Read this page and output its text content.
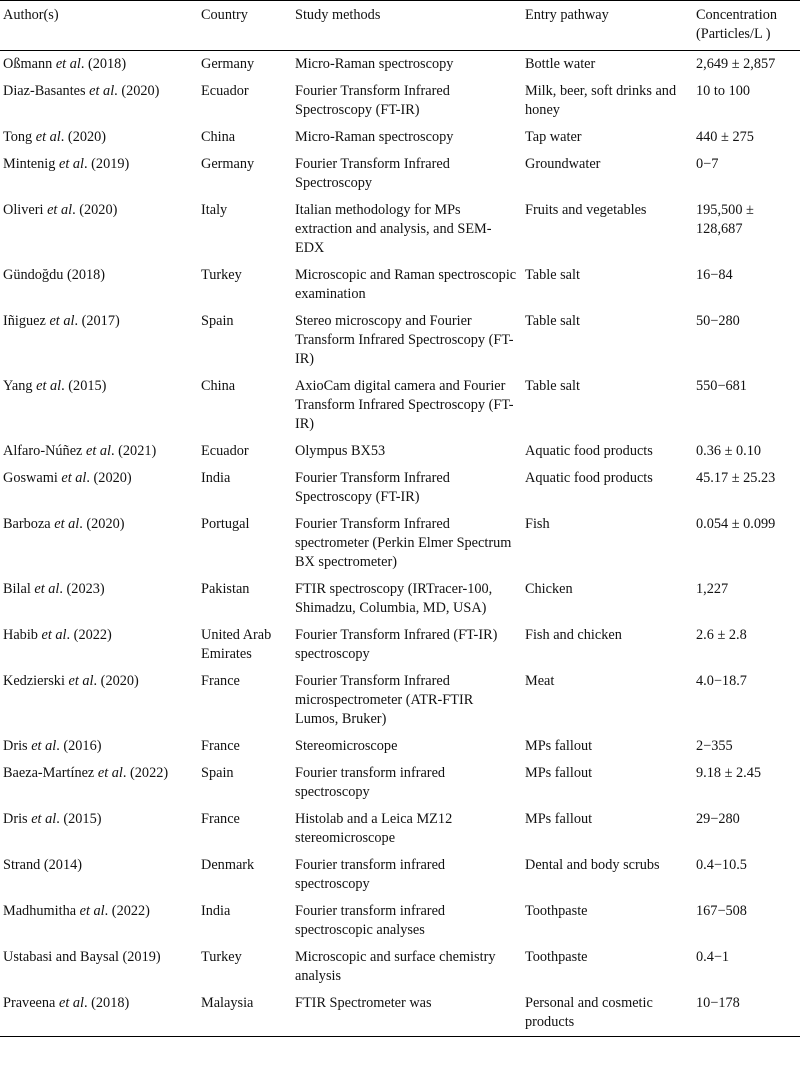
Author(s)	Country	Study methods	Entry pathway	Concentration
(Particles/L )
Oßmann et al. (2018)	Germany	Micro-Raman spectroscopy	Bottle water	2,649 ± 2,857
Diaz-Basantes et al. (2020)	Ecuador	Fourier Transform Infrared Spectroscopy (FT-IR)	Milk, beer, soft drinks and honey	10 to 100
Tong et al. (2020)	China	Micro-Raman spectroscopy	Tap water	440 ± 275
Mintenig et al. (2019)	Germany	Fourier Transform Infrared Spectroscopy	Groundwater	0−7
Oliveri et al. (2020)	Italy	Italian methodology for MPs extraction and analysis, and SEM-EDX	Fruits and vegetables	195,500 ± 128,687
Gündoğdu (2018)	Turkey	Microscopic and Raman spectroscopic examination	Table salt	16−84
Iñiguez et al. (2017)	Spain	Stereo microscopy and Fourier Transform Infrared Spectroscopy (FT-IR)	Table salt	50−280
Yang et al. (2015)	China	AxioCam digital camera and Fourier Transform Infrared Spectroscopy (FT-IR)	Table salt	550−681
Alfaro-Núñez et al. (2021)	Ecuador	Olympus BX53	Aquatic food products	0.36 ± 0.10
Goswami et al. (2020)	India	Fourier Transform Infrared Spectroscopy (FT-IR)	Aquatic food products	45.17 ± 25.23
Barboza et al. (2020)	Portugal	Fourier Transform Infrared spectrometer (Perkin Elmer Spectrum BX spectrometer)	Fish	0.054 ± 0.099
Bilal et al. (2023)	Pakistan	FTIR spectroscopy (IRTracer-100, Shimadzu, Columbia, MD, USA)	Chicken	1,227
Habib et al. (2022)	United Arab Emirates	Fourier Transform Infrared (FT-IR) spectroscopy	Fish and chicken	2.6 ± 2.8
Kedzierski et al. (2020)	France	Fourier Transform Infrared microspectrometer (ATR-FTIR Lumos, Bruker)	Meat	4.0−18.7
Dris et al. (2016)	France	Stereomicroscope	MPs fallout	2−355
Baeza-Martínez et al. (2022)	Spain	Fourier transform infrared spectroscopy	MPs fallout	9.18 ± 2.45
Dris et al. (2015)	France	Histolab and a Leica MZ12 stereomicroscope	MPs fallout	29−280
Strand (2014)	Denmark	Fourier transform infrared spectroscopy	Dental and body scrubs	0.4−10.5
Madhumitha et al. (2022)	India	Fourier transform infrared spectroscopic analyses	Toothpaste	167−508
Ustabasi and Baysal (2019)	Turkey	Microscopic and surface chemistry analysis	Toothpaste	0.4−1
Praveena et al. (2018)	Malaysia	FTIR Spectrometer was	Personal and cosmetic products	10−178
